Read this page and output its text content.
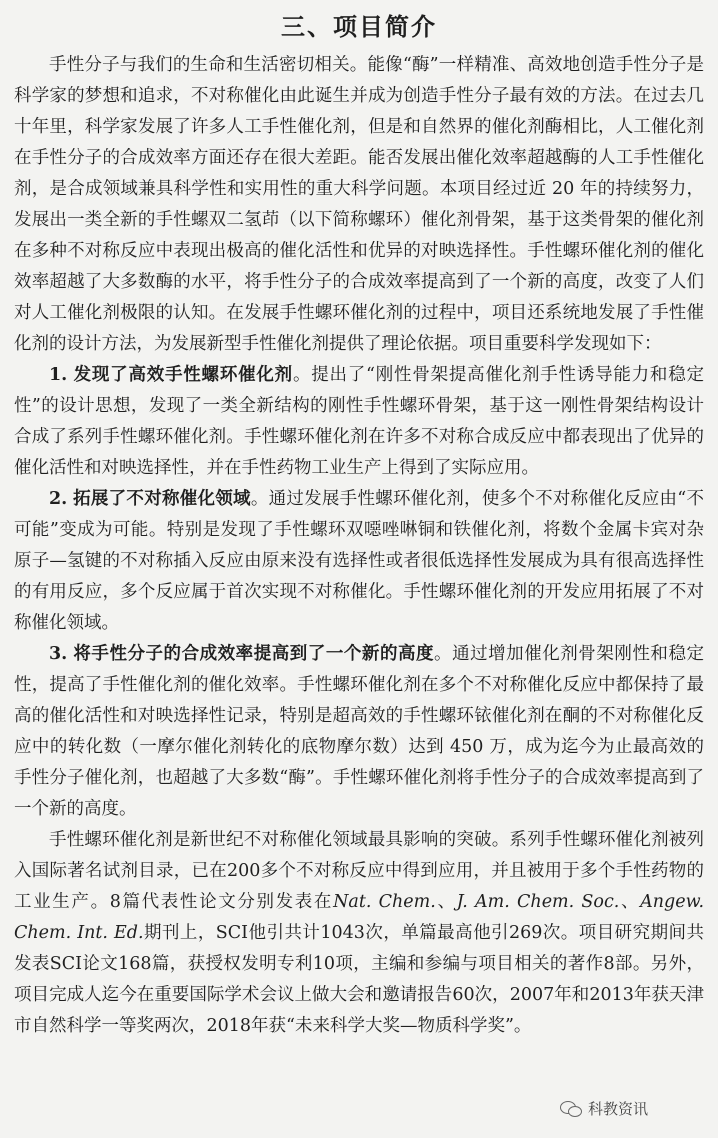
三、项目简介

手性分子与我们的生命和生活密切相关。能像“酶”一样精准、高效地创造手性分子是科学家的梦想和追求，不对称催化由此诞生并成为创造手性分子最有效的方法。在过去几十年里，科学家发展了许多人工手性催化剂，但是和自然界的催化剂酶相比，人工催化剂在手性分子的合成效率方面还存在很大差距。能否发展出催化效率超越酶的人工手性催化剂，是合成领域兼具科学性和实用性的重大科学问题。本项目经过近 20 年的持续努力，发展出一类全新的手性螺双二氢茚（以下简称螺环）催化剂骨架，基于这类骨架的催化剂在多种不对称反应中表现出极高的催化活性和优异的对映选择性。手性螺环催化剂的催化效率超越了大多数酶的水平，将手性分子的合成效率提高到了一个新的高度，改变了人们对人工催化剂极限的认知。在发展手性螺环催化剂的过程中，项目还系统地发展了手性催化剂的设计方法，为发展新型手性催化剂提供了理论依据。项目重要科学发现如下：

1. 发现了高效手性螺环催化剂。提出了“刚性骨架提高催化剂手性诱导能力和稳定性”的设计思想，发现了一类全新结构的刚性手性螺环骨架，基于这一刚性骨架结构设计合成了系列手性螺环催化剂。手性螺环催化剂在许多不对称合成反应中都表现出了优异的催化活性和对映选择性，并在手性药物工业生产上得到了实际应用。

2. 拓展了不对称催化领域。通过发展手性螺环催化剂，使多个不对称催化反应由“不可能”变成为可能。特别是发现了手性螺环双噁唑啉铜和铁催化剂，将数个金属卡宾对杂原子—氢键的不对称插入反应由原来没有选择性或者很低选择性发展成为具有很高选择性的有用反应，多个反应属于首次实现不对称催化。手性螺环催化剂的开发应用拓展了不对称催化领域。

3. 将手性分子的合成效率提高到了一个新的高度。通过增加催化剂骨架刚性和稳定性，提高了手性催化剂的催化效率。手性螺环催化剂在多个不对称催化反应中都保持了最高的催化活性和对映选择性记录，特别是超高效的手性螺环铱催化剂在酮的不对称催化反应中的转化数（一摩尔催化剂转化的底物摩尔数）达到 450 万，成为迄今为止最高效的手性分子催化剂，也超越了大多数“酶”。手性螺环催化剂将手性分子的合成效率提高到了一个新的高度。

手性螺环催化剂是新世纪不对称催化领域最具影响的突破。系列手性螺环催化剂被列入国际著名试剂目录，已在200多个不对称反应中得到应用，并且被用于多个手性药物的工业生产。8篇代表性论文分别发表在Nat. Chem.、J. Am. Chem. Soc.、Angew. Chem. Int. Ed.期刊上，SCI他引共计1043次，单篇最高他引269次。项目研究期间共发表SCI论文168篇，获授权发明专利10项，主编和参编与项目相关的著作8部。另外，项目完成人迄今在重要国际学术会议上做大会和邀请报告60次，2007年和2013年获天津市自然科学一等奖两次，2018年获“未来科学大奖—物质科学奖”。

科教资讯
